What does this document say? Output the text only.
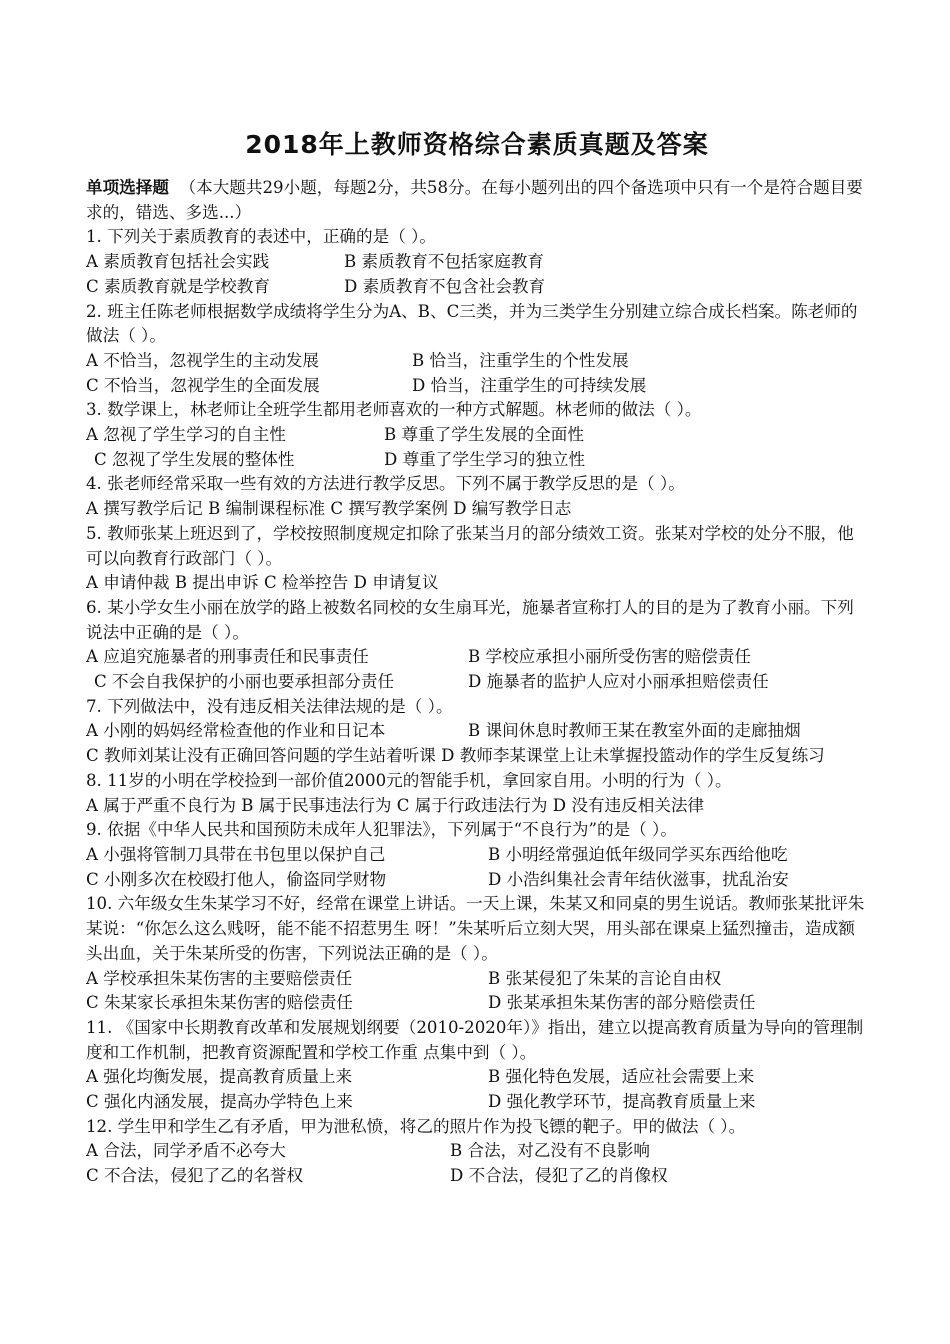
2018年上教师资格综合素质真题及答案

单项选择题 （本大题共29小题，每题2分，共58分。在每小题列出的四个备选项中只有一个是符合题目要求的，错选、多选...）

1. 下列关于素质教育的表述中，正确的是（ ）。

A 素质教育包括社会实践	B 素质教育不包括家庭教育
C 素质教育就是学校教育	D 素质教育不包含社会教育

2. 班主任陈老师根据数学成绩将学生分为A、B、C三类，并为三类学生分别建立综合成长档案。陈老师的做法（ ）。

A 不恰当，忽视学生的主动发展	B 恰当，注重学生的个性发展
C 不恰当，忽视学生的全面发展	D 恰当，注重学生的可持续发展

3. 数学课上，林老师让全班学生都用老师喜欢的一种方式解题。林老师的做法（ ）。

A 忽视了学生学习的自主性	B 尊重了学生发展的全面性
C 忽视了学生发展的整体性	D 尊重了学生学习的独立性

4. 张老师经常采取一些有效的方法进行教学反思。下列不属于教学反思的是（ ）。

A 撰写教学后记 B 编制课程标准 C 撰写教学案例 D 编写教学日志

5. 教师张某上班迟到了，学校按照制度规定扣除了张某当月的部分绩效工资。张某对学校的处分不服，他可以向教育行政部门（ ）。

A 申请仲裁 B 提出申诉 C 检举控告 D 申请复议

6. 某小学女生小丽在放学的路上被数名同校的女生扇耳光，施暴者宣称打人的目的是为了教育小丽。下列说法中正确的是（ ）。

A 应追究施暴者的刑事责任和民事责任	B 学校应承担小丽所受伤害的赔偿责任
C 不会自我保护的小丽也要承担部分责任	D 施暴者的监护人应对小丽承担赔偿责任

7. 下列做法中，没有违反相关法律法规的是（ ）。

A 小刚的妈妈经常检查他的作业和日记本	B 课间休息时教师王某在教室外面的走廊抽烟

C 教师刘某让没有正确回答问题的学生站着听课 D 教师李某课堂上让未掌握投篮动作的学生反复练习

8. 11岁的小明在学校捡到一部价值2000元的智能手机，拿回家自用。小明的行为（ ）。

A 属于严重不良行为 B 属于民事违法行为 C 属于行政违法行为 D 没有违反相关法律

9. 依据《中华人民共和国预防未成年人犯罪法》，下列属于“不良行为”的是（ ）。

A 小强将管制刀具带在书包里以保护自己	B 小明经常强迫低年级同学买东西给他吃
C 小刚多次在校殴打他人，偷盗同学财物	D 小浩纠集社会青年结伙滋事，扰乱治安

10. 六年级女生朱某学习不好，经常在课堂上讲话。一天上课，朱某又和同桌的男生说话。教师张某批评朱某说：“你怎么这么贱呀，能不能不招惹男生 呀！”朱某听后立刻大哭，用头部在课桌上猛烈撞击，造成额头出血，关于朱某所受的伤害，下列说法正确的是（ ）。

A 学校承担朱某伤害的主要赔偿责任	B 张某侵犯了朱某的言论自由权
C 朱某家长承担朱某伤害的赔偿责任	D 张某承担朱某伤害的部分赔偿责任

11. 《国家中长期教育改革和发展规划纲要（2010-2020年）》指出，建立以提高教育质量为导向的管理制度和工作机制，把教育资源配置和学校工作重 点集中到（ ）。

A 强化均衡发展，提高教育质量上来	B 强化特色发展，适应社会需要上来
C 强化内涵发展，提高办学特色上来	D 强化教学环节，提高教育质量上来

12. 学生甲和学生乙有矛盾，甲为泄私愤，将乙的照片作为投飞镖的靶子。甲的做法（ ）。

A 合法，同学矛盾不必夸大	B 合法，对乙没有不良影响
C 不合法，侵犯了乙的名誉权	D 不合法，侵犯了乙的肖像权
